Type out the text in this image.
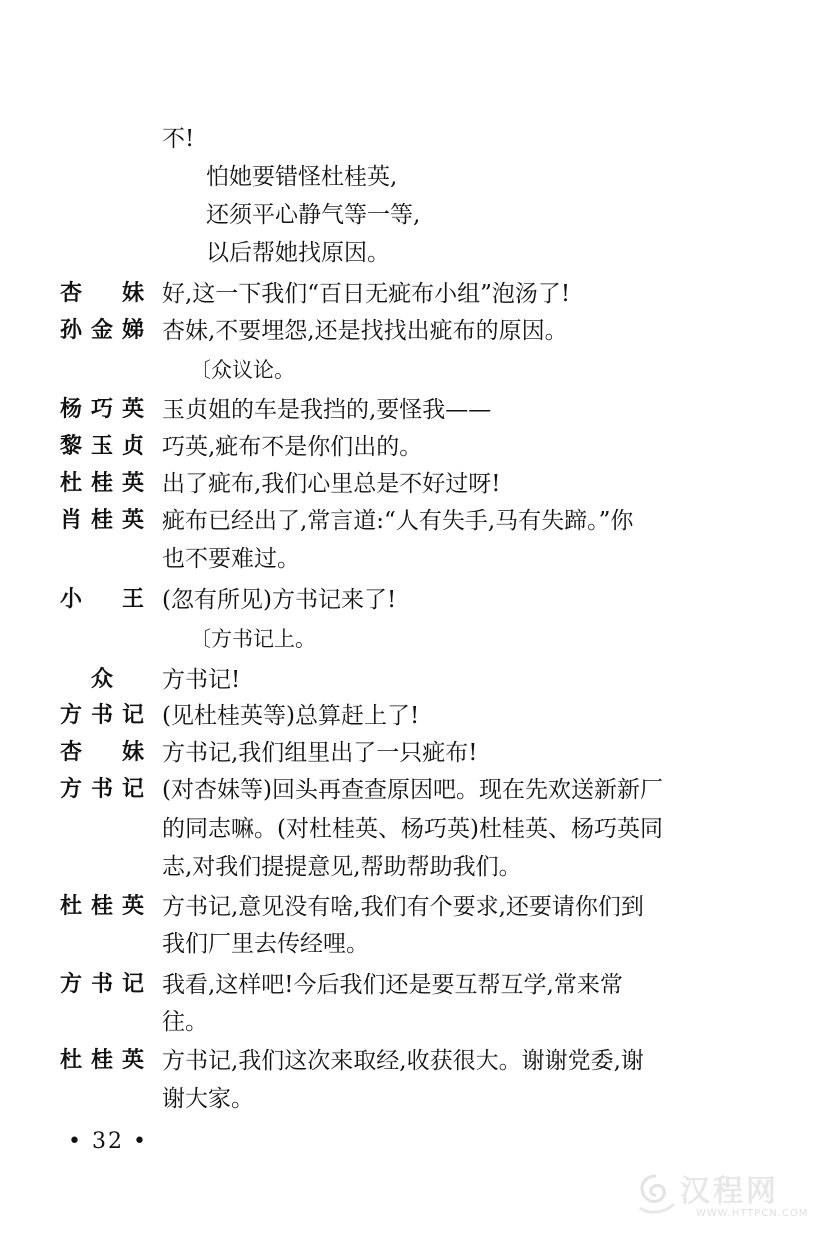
不!
怕她要错怪杜桂英,
还须平心静气等一等,
以后帮她找原因。
杏　妹 好,这一下我们“百日无疵布小组”泡汤了!
孙金娣 杏妹,不要埋怨,还是找找出疵布的原因。
〔众议论。
杨巧英 玉贞姐的车是我挡的,要怪我——
黎玉贞 巧英,疵布不是你们出的。
杜桂英 出了疵布,我们心里总是不好过呀!
肖桂英 疵布已经出了,常言道:“人有失手,马有失蹄。”你
也不要难过。
小　王 (忽有所见)方书记来了!
〔方书记上。
众	方书记!
方书记 (见杜桂英等)总算赶上了!
杏　妹 方书记,我们组里出了一只疵布!
方书记 (对杏妹等)回头再查查原因吧。现在先欢送新新厂
的同志嘛。(对杜桂英、杨巧英)杜桂英、杨巧英同
志,对我们提提意见,帮助帮助我们。
杜桂英 方书记,意见没有啥,我们有个要求,还要请你们到
我们厂里去传经哩。
方书记 我看,这样吧!今后我们还是要互帮互学,常来常
往。
杜桂英 方书记,我们这次来取经,收获很大。谢谢党委,谢
谢大家。
• 32 •
汉程网
WWW.HTTPCN.COM
